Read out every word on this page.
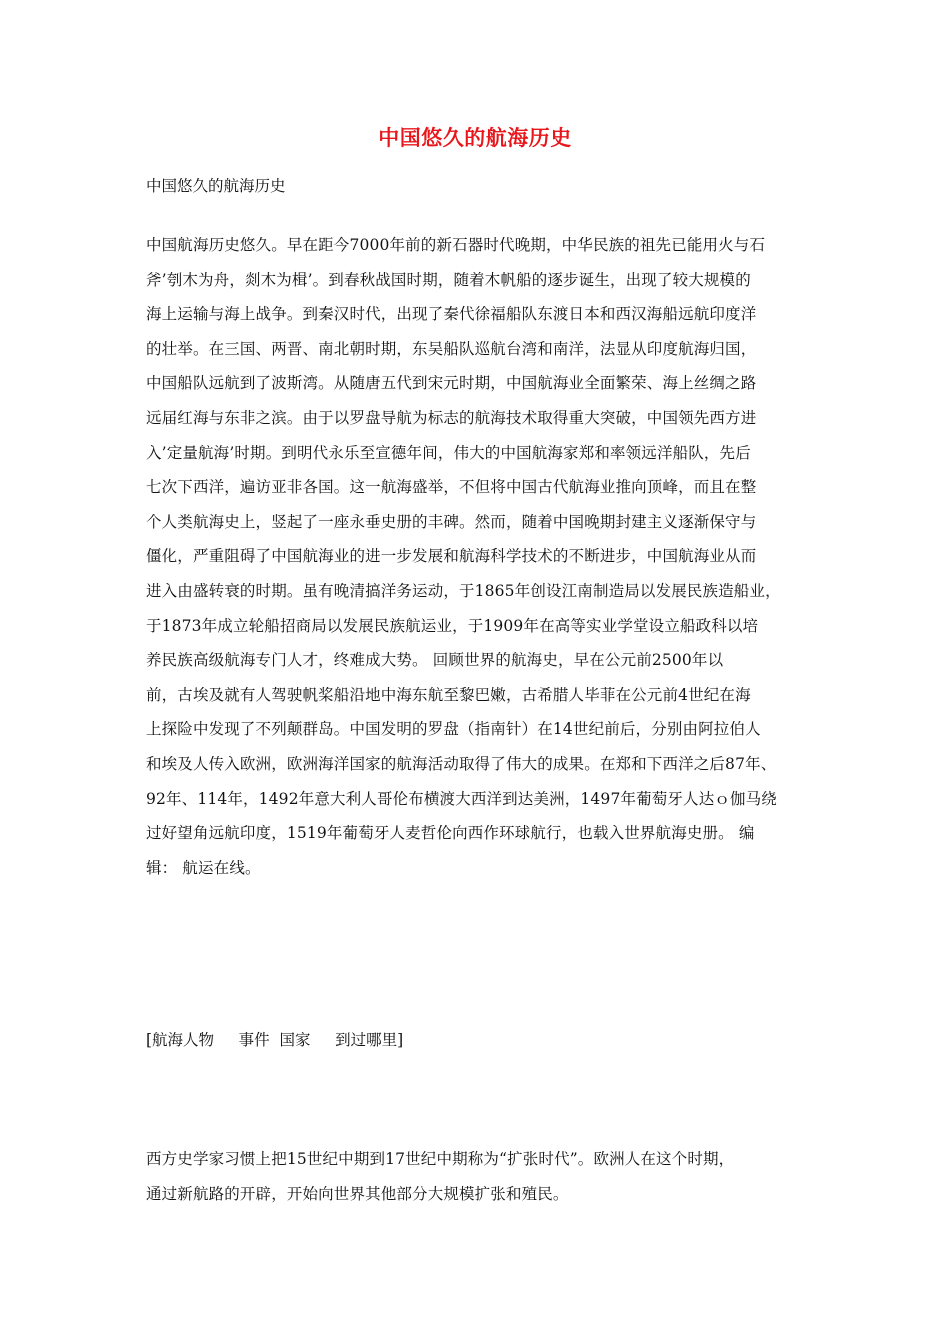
中国悠久的航海历史

中国悠久的航海历史

中国航海历史悠久。早在距今7000年前的新石器时代晚期，中华民族的祖先已能用火与石
斧’刳木为舟，剡木为楫’。到春秋战国时期，随着木帆船的逐步诞生，出现了较大规模的
海上运输与海上战争。到秦汉时代，出现了秦代徐福船队东渡日本和西汉海船远航印度洋
的壮举。在三国、两晋、南北朝时期，东吴船队巡航台湾和南洋，法显从印度航海归国，
中国船队远航到了波斯湾。从随唐五代到宋元时期，中国航海业全面繁荣、海上丝绸之路
远届红海与东非之滨。由于以罗盘导航为标志的航海技术取得重大突破，中国领先西方进
入’定量航海’时期。到明代永乐至宣德年间，伟大的中国航海家郑和率领远洋船队，先后
七次下西洋，遍访亚非各国。这一航海盛举，不但将中国古代航海业推向顶峰，而且在整
个人类航海史上，竖起了一座永垂史册的丰碑。然而，随着中国晚期封建主义逐渐保守与
僵化，严重阻碍了中国航海业的进一步发展和航海科学技术的不断进步，中国航海业从而
进入由盛转衰的时期。虽有晚清搞洋务运动，于1865年创设江南制造局以发展民族造船业，
于1873年成立轮船招商局以发展民族航运业，于1909年在高等实业学堂设立船政科以培
养民族高级航海专门人才，终难成大势。 回顾世界的航海史，早在公元前2500年以
前，古埃及就有人驾驶帆桨船沿地中海东航至黎巴嫩，古希腊人毕菲在公元前4世纪在海
上探险中发现了不列颠群岛。中国发明的罗盘（指南针）在14世纪前后，分别由阿拉伯人
和埃及人传入欧洲，欧洲海洋国家的航海活动取得了伟大的成果。在郑和下西洋之后87年、
92年、114年，1492年意大利人哥伦布横渡大西洋到达美洲，1497年葡萄牙人达ｏ伽马绕
过好望角远航印度，1519年葡萄牙人麦哲伦向西作环球航行，也载入世界航海史册。 编
辑： 航运在线。

[航海人物     事件  国家     到过哪里]

西方史学家习惯上把15世纪中期到17世纪中期称为“扩张时代”。欧洲人在这个时期，
通过新航路的开辟，开始向世界其他部分大规模扩张和殖民。
